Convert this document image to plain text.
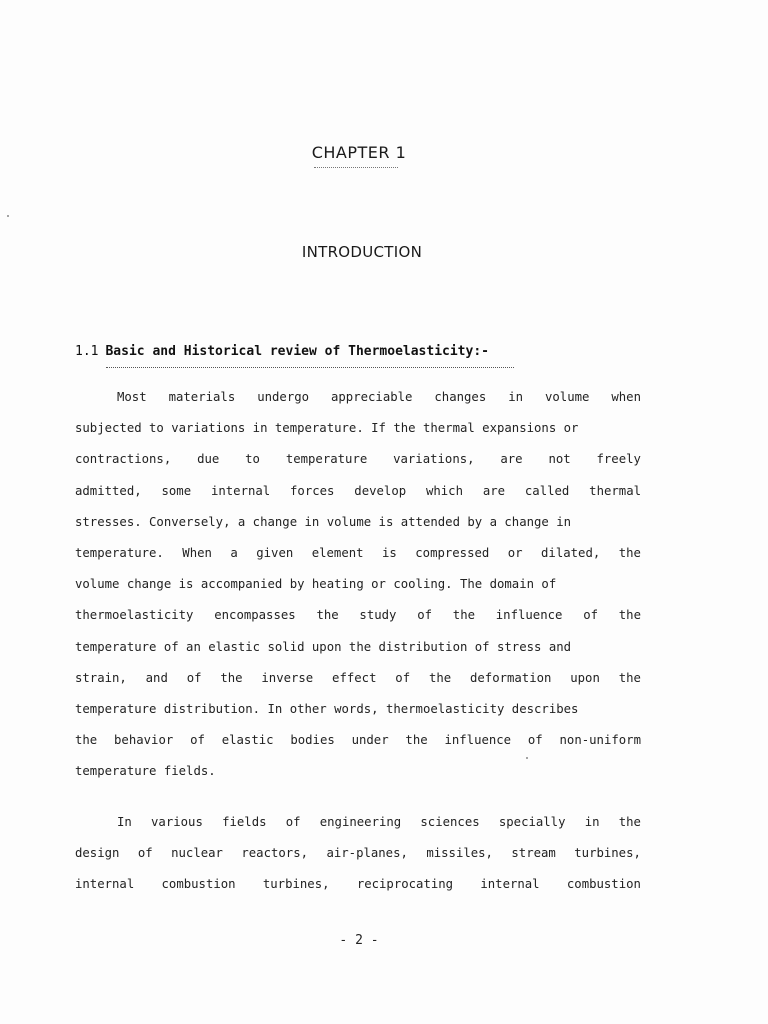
CHAPTER 1
INTRODUCTION
1.1 Basic and Historical review of Thermoelasticity:-
Most materials undergo appreciable changes in volume when
subjected to variations in temperature. If the thermal expansions or
contractions, due to temperature variations, are not freely
admitted, some internal forces develop which are called thermal
stresses. Conversely, a change in volume is attended by a change in
temperature. When a given element is compressed or dilated, the
volume change is accompanied by heating or cooling. The domain of
thermoelasticity encompasses the study of the influence of the
temperature of an elastic solid upon the distribution of stress and
strain, and of the inverse effect of the deformation upon the
temperature distribution. In other words, thermoelasticity describes
the behavior of elastic bodies under the influence of non-uniform
temperature fields.
In various fields of engineering sciences specially in the
design of nuclear reactors, air-planes, missiles, stream turbines,
internal combustion turbines, reciprocating internal combustion
- 2 -
